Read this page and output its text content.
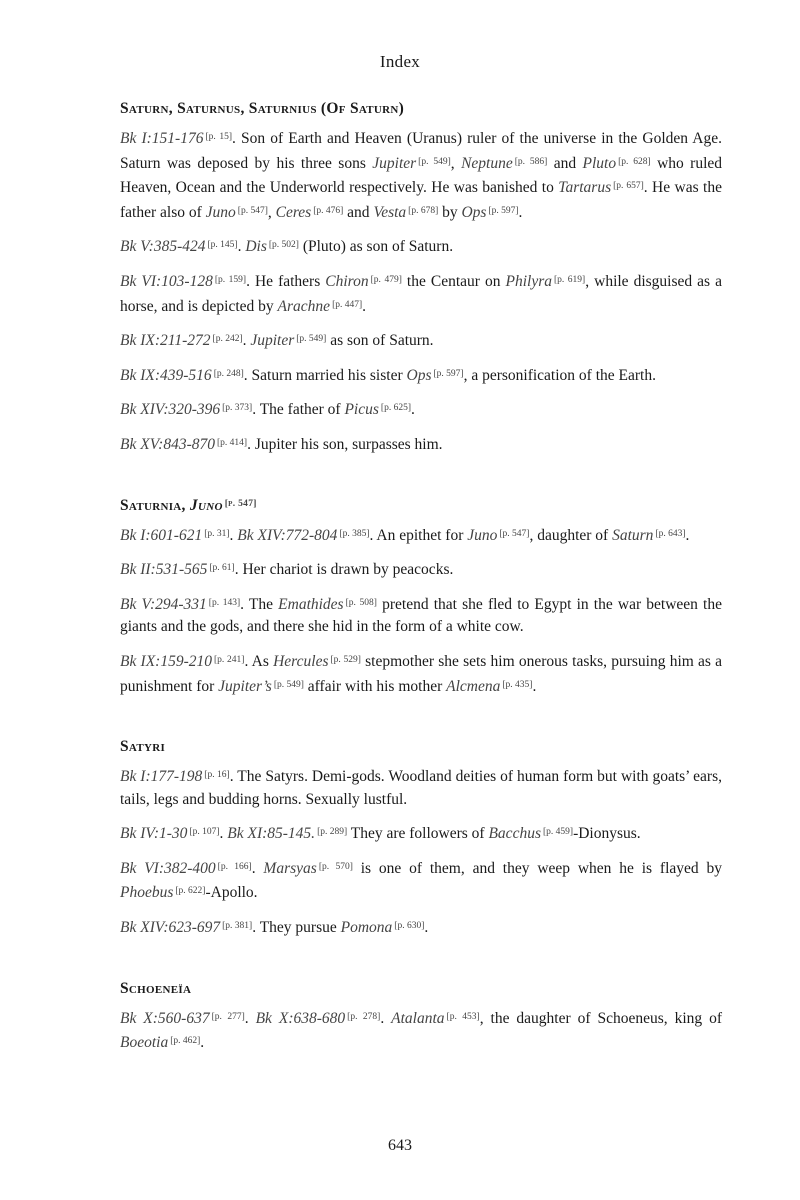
Index
Saturn, Saturnus, Saturnius (Of Saturn)

Bk I:151-176 [p. 15]. Son of Earth and Heaven (Uranus) ruler of the universe in the Golden Age. Saturn was deposed by his three sons Jupiter [p. 549], Neptune [p. 586] and Pluto [p. 628] who ruled Heaven, Ocean and the Underworld respectively. He was banished to Tartarus [p. 657]. He was the father also of Juno [p. 547], Ceres [p. 476] and Vesta [p. 678] by Ops [p. 597].

Bk V:385-424 [p. 145]. Dis [p. 502] (Pluto) as son of Saturn.

Bk VI:103-128 [p. 159]. He fathers Chiron [p. 479] the Centaur on Philyra [p. 619], while disguised as a horse, and is depicted by Arachne [p. 447].

Bk IX:211-272 [p. 242]. Jupiter [p. 549] as son of Saturn.

Bk IX:439-516 [p. 248]. Saturn married his sister Ops [p. 597], a personification of the Earth.

Bk XIV:320-396 [p. 373]. The father of Picus [p. 625].

Bk XV:843-870 [p. 414]. Jupiter his son, surpasses him.

Saturnia, Juno [p. 547]

Bk I:601-621 [p. 31]. Bk XIV:772-804 [p. 385]. An epithet for Juno [p. 547], daughter of Saturn [p. 643].

Bk II:531-565 [p. 61]. Her chariot is drawn by peacocks.

Bk V:294-331 [p. 143]. The Emathides [p. 508] pretend that she fled to Egypt in the war between the giants and the gods, and there she hid in the form of a white cow.

Bk IX:159-210 [p. 241]. As Hercules [p. 529] stepmother she sets him onerous tasks, pursuing him as a punishment for Jupiter’s [p. 549] affair with his mother Alcmena [p. 435].

Satyri

Bk I:177-198 [p. 16]. The Satyrs. Demi-gods. Woodland deities of human form but with goats’ ears, tails, legs and budding horns. Sexually lustful.

Bk IV:1-30 [p. 107]. Bk XI:85-145. [p. 289] They are followers of Bacchus [p. 459]-Dionysus.

Bk VI:382-400 [p. 166]. Marsyas [p. 570] is one of them, and they weep when he is flayed by Phoebus [p. 622]-Apollo.

Bk XIV:623-697 [p. 381]. They pursue Pomona [p. 630].

Schoeneïa

Bk X:560-637 [p. 277]. Bk X:638-680 [p. 278]. Atalanta [p. 453], the daughter of Schoeneus, king of Boeotia [p. 462].

643
